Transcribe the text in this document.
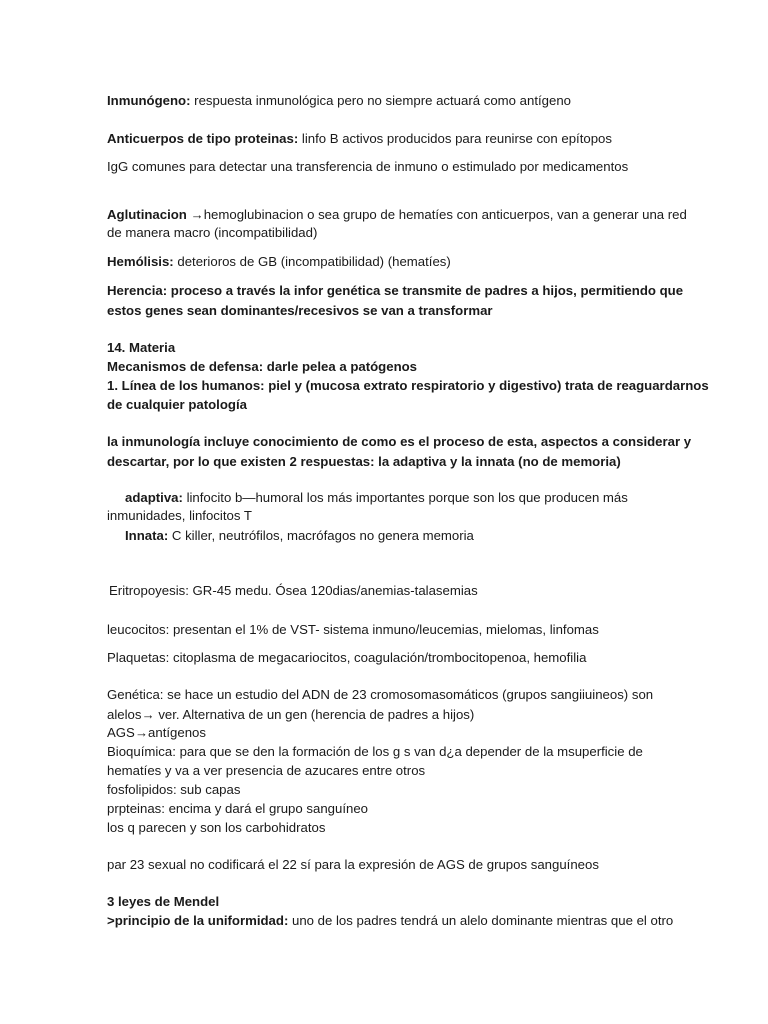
Inmunógeno: respuesta inmunológica pero no siempre actuará como antígeno

Anticuerpos de tipo proteinas: linfo B activos producidos para reunirse con epítopos

IgG comunes para detectar una transferencia de inmuno o estimulado por medicamentos

Aglutinacion →hemoglubinacion o sea grupo de hematíes con anticuerpos, van a generar una red

de manera macro (incompatibilidad)

Hemólisis: deterioros de GB (incompatibilidad) (hematíes)

Herencia: proceso a través la infor genética se transmite de padres a hijos, permitiendo que

estos genes sean dominantes/recesivos se van a transformar

14. Materia

Mecanismos de defensa: darle pelea a patógenos

1. Línea de los humanos: piel y (mucosa extrato respiratorio y digestivo) trata de reaguardarnos

de cualquier patología

la inmunología incluye conocimiento de como es el proceso de esta, aspectos a considerar y

descartar, por lo que existen 2 respuestas: la adaptiva y la innata (no de memoria)

adaptiva: linfocito b—humoral los más importantes porque son los que producen más

inmunidades, linfocitos T

Innata: C killer, neutrófilos, macrófagos no genera memoria

Eritropoyesis: GR-45 medu. Ósea 120dias/anemias-talasemias

leucocitos: presentan el 1% de VST- sistema inmuno/leucemias, mielomas, linfomas

Plaquetas: citoplasma de megacariocitos, coagulación/trombocitopenoa, hemofilia

Genética: se hace un estudio del ADN de 23 cromosomasomáticos (grupos sangiiuineos) son

alelos→ ver. Alternativa de un gen (herencia de padres a hijos)

AGS→antígenos

Bioquímica: para que se den la formación de los g s van d¿a depender de la msuperficie de

hematíes y va a ver presencia de azucares entre otros

fosfolipidos: sub capas

prpteinas: encima y dará el grupo sanguíneo

los q parecen y son los carbohidratos

par 23 sexual no codificará el 22 sí para la expresión de AGS de grupos sanguíneos

3 leyes de Mendel

>principio de la uniformidad: uno de los padres tendrá un alelo dominante mientras que el otro
